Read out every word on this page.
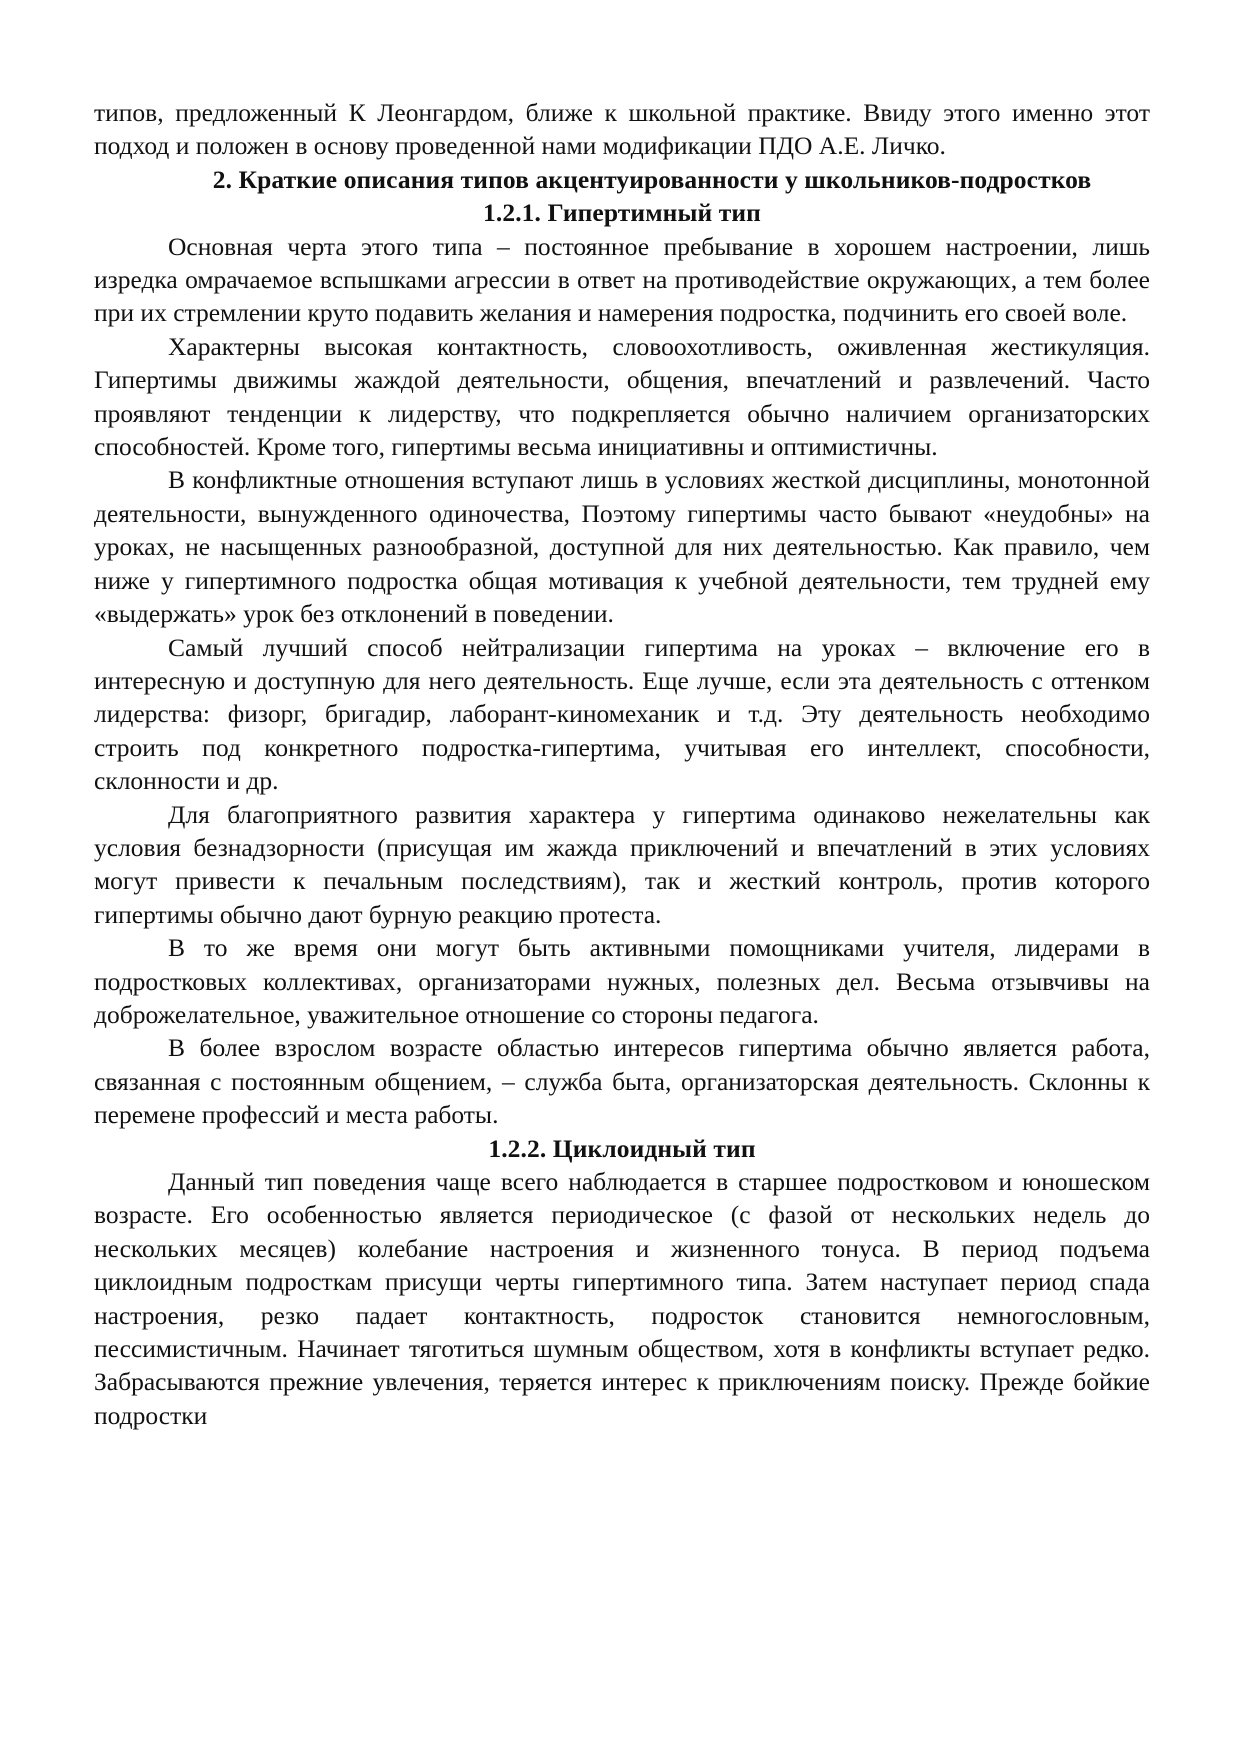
типов, предложенный К Леонгардом, ближе к школьной практике. Ввиду этого именно этот подход и положен в основу проведенной нами модификации ПДО А.Е. Личко.

2. Краткие описания типов акцентуированности у школьников-подростков

1.2.1. Гипертимный тип

Основная черта этого типа – постоянное пребывание в хорошем настроении, лишь изредка омрачаемое вспышками агрессии в ответ на противодействие окружающих, а тем более при их стремлении круто подавить желания и намерения подростка, подчинить его своей воле.

Характерны высокая контактность, словоохотливость, оживленная жестикуляция. Гипертимы движимы жаждой деятельности, общения, впечатлений и развлечений. Часто проявляют тенденции к лидерству, что подкрепляется обычно наличием организаторских способностей. Кроме того, гипертимы весьма инициативны и оптимистичны.

В конфликтные отношения вступают лишь в условиях жесткой дисциплины, монотонной деятельности, вынужденного одиночества, Поэтому гипертимы часто бывают «неудобны» на уроках, не насыщенных разнообразной, доступной для них деятельностью. Как правило, чем ниже у гипертимного подростка общая мотивация к учебной деятельности, тем трудней ему «выдержать» урок без отклонений в поведении.

Самый лучший способ нейтрализации гипертима на уроках – включение его в интересную и доступную для него деятельность. Еще лучше, если эта деятельность с оттенком лидерства: физорг, бригадир, лаборант-киномеханик и т.д. Эту деятельность необходимо строить под конкретного подростка-гипертима, учитывая его интеллект, способности, склонности и др.

Для благоприятного развития характера у гипертима одинаково нежелательны как условия безнадзорности (присущая им жажда приключений и впечатлений в этих условиях могут привести к печальным последствиям), так и жесткий контроль, против которого гипертимы обычно дают бурную реакцию протеста.

В то же время они могут быть активными помощниками учителя, лидерами в подростковых коллективах, организаторами нужных, полезных дел. Весьма отзывчивы на доброжелательное, уважительное отношение со стороны педагога.

В более взрослом возрасте областью интересов гипертима обычно является работа, связанная с постоянным общением, – служба быта, организаторская деятельность. Склонны к перемене профессий и места работы.

1.2.2. Циклоидный тип

Данный тип поведения чаще всего наблюдается в старшее подростковом и юношеском возрасте. Его особенностью является периодическое (с фазой от нескольких недель до нескольких месяцев) колебание настроения и жизненного тонуса. В период подъема циклоидным подросткам присущи черты гипертимного типа. Затем наступает период спада настроения, резко падает контактность, подросток становится немногословным, пессимистичным. Начинает тяготиться шумным обществом, хотя в конфликты вступает редко. Забрасываются прежние увлечения, теряется интерес к приключениям поиску. Прежде бойкие подростки
